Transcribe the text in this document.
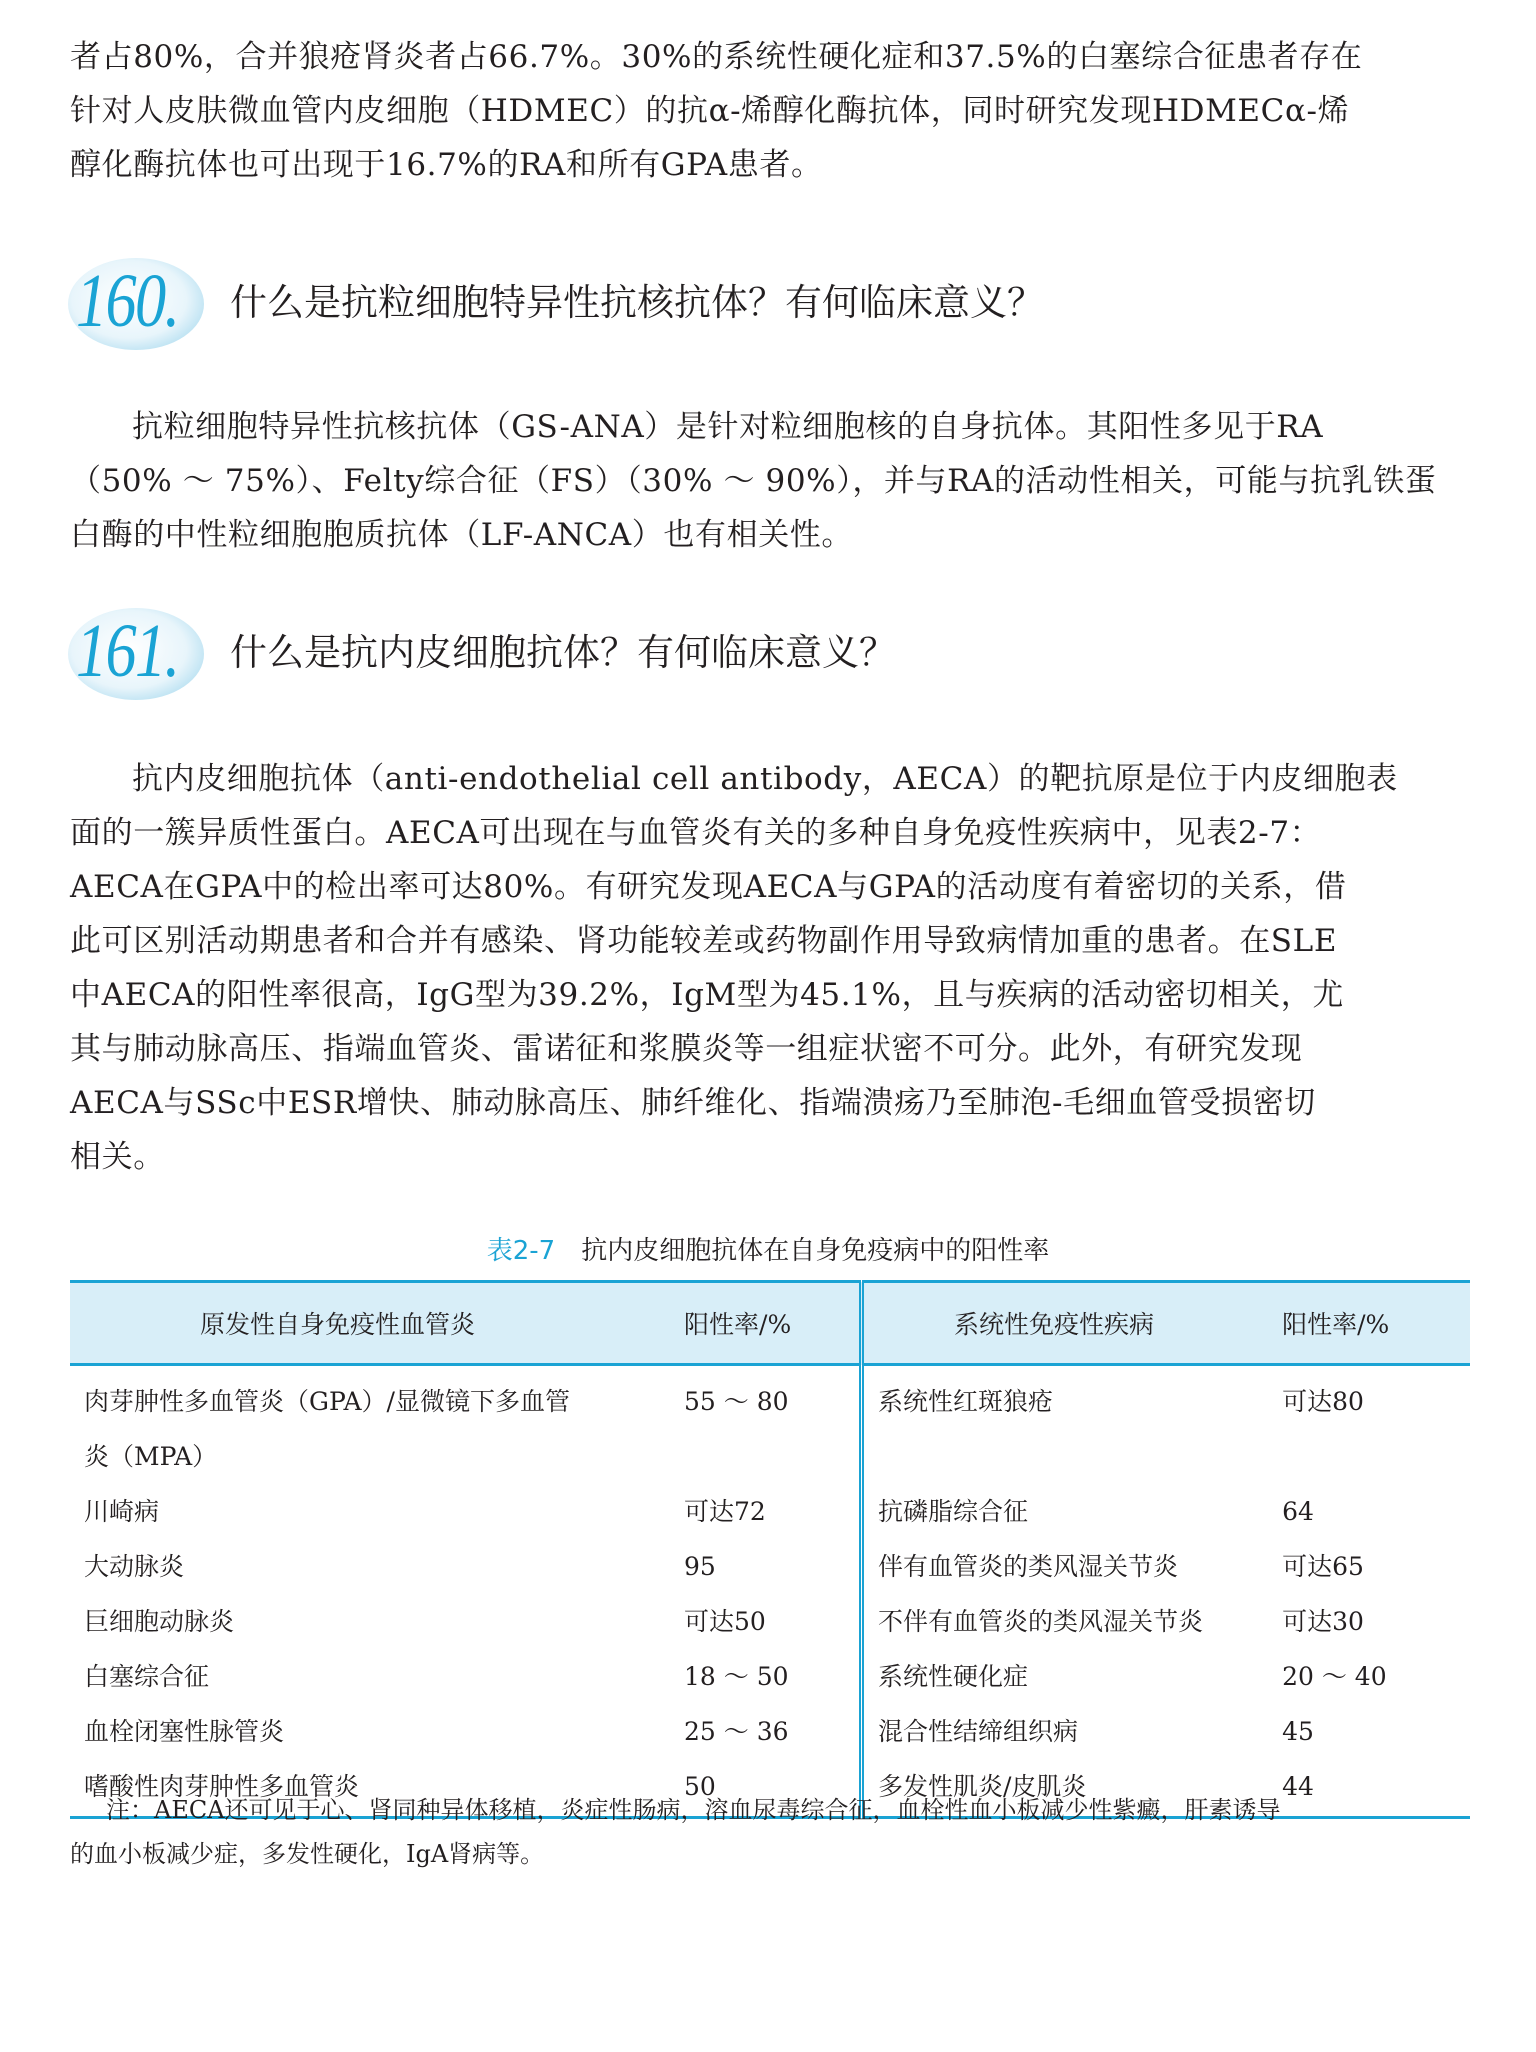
者占80%，合并狼疮肾炎者占66.7%。30%的系统性硬化症和37.5%的白塞综合征患者存在
针对人皮肤微血管内皮细胞（HDMEC）的抗α-烯醇化酶抗体，同时研究发现HDMECα-烯
醇化酶抗体也可出现于16.7%的RA和所有GPA患者。
160. 什么是抗粒细胞特异性抗核抗体？有何临床意义？
抗粒细胞特异性抗核抗体（GS-ANA）是针对粒细胞核的自身抗体。其阳性多见于RA
（50% ～ 75%）、Felty综合征（FS）（30% ～ 90%），并与RA的活动性相关，可能与抗乳铁蛋
白酶的中性粒细胞胞质抗体（LF-ANCA）也有相关性。
161. 什么是抗内皮细胞抗体？有何临床意义？
抗内皮细胞抗体（anti-endothelial cell antibody，AECA）的靶抗原是位于内皮细胞表
面的一簇异质性蛋白。AECA可出现在与血管炎有关的多种自身免疫性疾病中，见表2-7：
AECA在GPA中的检出率可达80%。有研究发现AECA与GPA的活动度有着密切的关系，借
此可区别活动期患者和合并有感染、肾功能较差或药物副作用导致病情加重的患者。在SLE
中AECA的阳性率很高，IgG型为39.2%，IgM型为45.1%，且与疾病的活动密切相关，尤
其与肺动脉高压、指端血管炎、雷诺征和浆膜炎等一组症状密不可分。此外，有研究发现
AECA与SSc中ESR增快、肺动脉高压、肺纤维化、指端溃疡乃至肺泡-毛细血管受损密切
相关。
表2-7 抗内皮细胞抗体在自身免疫病中的阳性率
原发性自身免疫性血管炎	阳性率/%	系统性免疫性疾病	阳性率/%
肉芽肿性多血管炎（GPA）/显微镜下多血管	55 ～ 80	系统性红斑狼疮	可达80
炎（MPA）			
川崎病	可达72	抗磷脂综合征	64
大动脉炎	95	伴有血管炎的类风湿关节炎	可达65
巨细胞动脉炎	可达50	不伴有血管炎的类风湿关节炎	可达30
白塞综合征	18 ～ 50	系统性硬化症	20 ～ 40
血栓闭塞性脉管炎	25 ～ 36	混合性结缔组织病	45
嗜酸性肉芽肿性多血管炎	50	多发性肌炎/皮肌炎	44
注：AECA还可见于心、肾同种异体移植，炎症性肠病，溶血尿毒综合征，血栓性血小板减少性紫癜，肝素诱导
的血小板减少症，多发性硬化，IgA肾病等。
